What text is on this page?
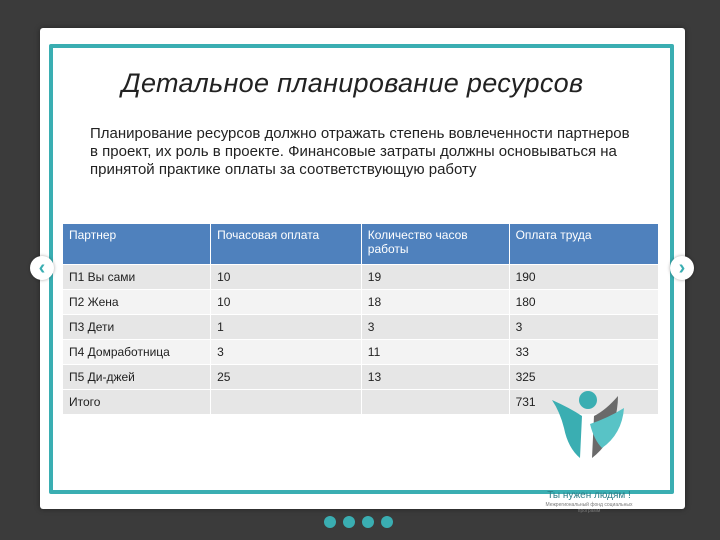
Детальное планирование ресурсов
Планирование ресурсов должно отражать степень вовлеченности партнеров в проект, их роль в проекте. Финансовые затраты должны основываться на принятой практике оплаты за соответствующую работу
Партнер	Почасовая оплата	Количество часов работы	Оплата труда
П1 Вы сами	10	19	190
П2 Жена	10	18	180
П3 Дети	1	3	3
П4 Домработница	3	11	33
П5 Ди-джей	25	13	325
Итого			731
‹	›
Ты нужен людям !
Межрегиональный фонд социальных программ
